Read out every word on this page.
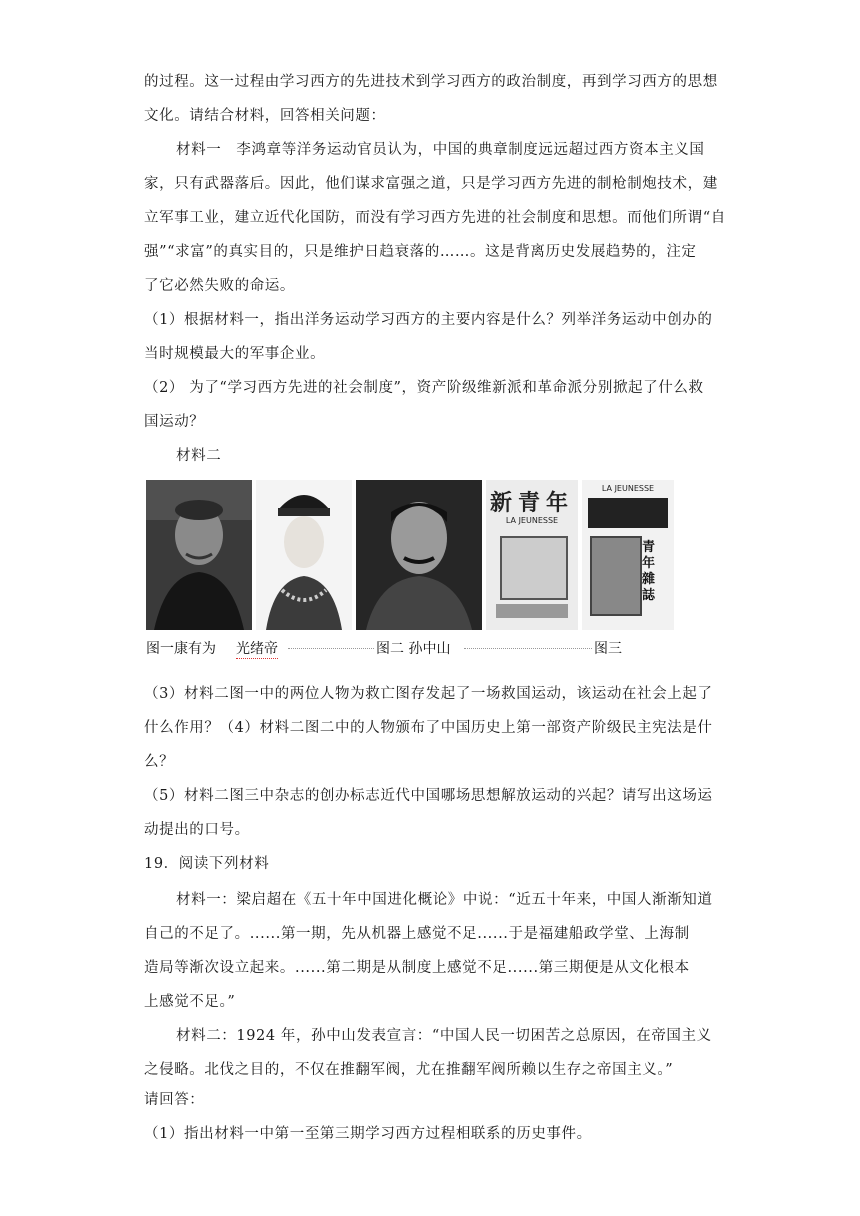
的过程。这一过程由学习西方的先进技术到学习西方的政治制度，再到学习西方的思想
文化。请结合材料，回答相关问题：
材料一　李鸿章等洋务运动官员认为，中国的典章制度远远超过西方资本主义国
家，只有武器落后。因此，他们谋求富强之道，只是学习西方先进的制枪制炮技术，建
立军事工业，建立近代化国防，而没有学习西方先进的社会制度和思想。而他们所谓“自
强”“求富”的真实目的，只是维护日趋衰落的……。这是背离历史发展趋势的，注定
了它必然失败的命运。
（1）根据材料一，指出洋务运动学习西方的主要内容是什么？列举洋务运动中创办的
当时规模最大的军事企业。
（2） 为了“学习西方先进的社会制度”，资产阶级维新派和革命派分别掀起了什么救
国运动？
材料二
新青年
LA JEUNESSE
LA JEUNESSE
青年雜誌
图一康有为 光绪帝	图二 孙中山	图三
（3）材料二图一中的两位人物为救亡图存发起了一场救国运动，该运动在社会上起了
什么作用？（4）材料二图二中的人物颁布了中国历史上第一部资产阶级民主宪法是什
么？
（5）材料二图三中杂志的创办标志近代中国哪场思想解放运动的兴起？请写出这场运
动提出的口号。
19．阅读下列材料
材料一：梁启超在《五十年中国进化概论》中说：“近五十年来，中国人渐渐知道
自己的不足了。......第一期，先从机器上感觉不足......于是福建船政学堂、上海制
造局等渐次设立起来。......第二期是从制度上感觉不足......第三期便是从文化根本
上感觉不足。”
材料二：1924 年，孙中山发表宣言：“中国人民一切困苦之总原因，在帝国主义
之侵略。北伐之目的，不仅在推翻军阀，尤在推翻军阀所赖以生存之帝国主义。”
请回答：
（1）指出材料一中第一至第三期学习西方过程相联系的历史事件。
